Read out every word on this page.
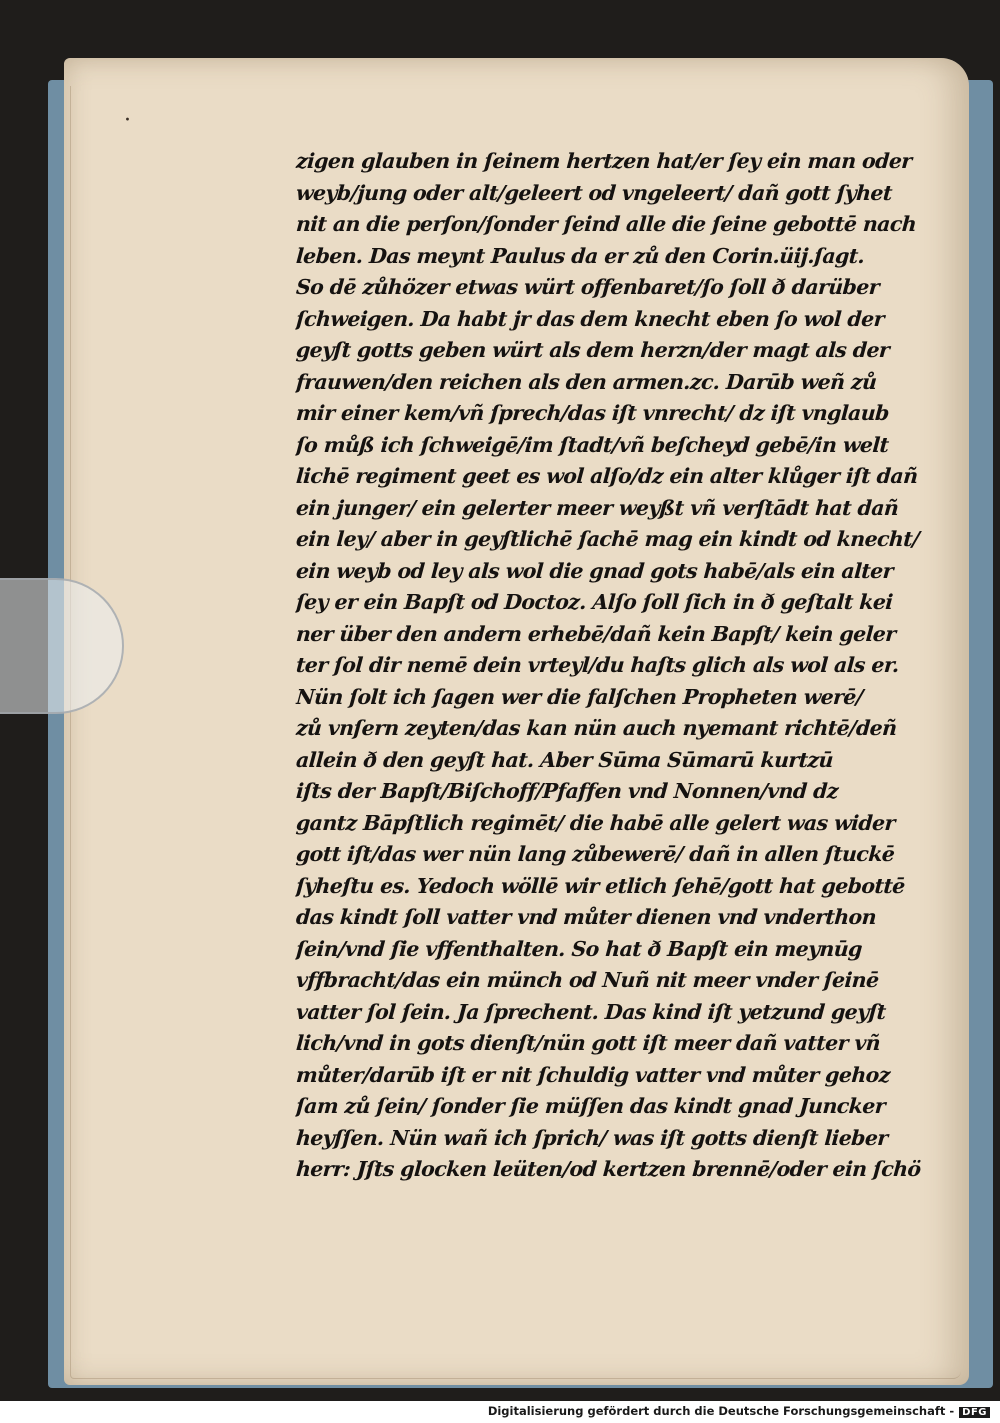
·
zigen glauben in ſeinem hertzen hat/er ſey ein man oder
weyb/jung oder alt/geleert od vngeleert/ dañ gott ſyhet
nit an die perſon/ſonder ſeind alle die ſeine gebottē nach
leben. Das meynt Paulus da er zů den Corin.üij.ſagt.
So dē zůhözer etwas würt offenbaret/ſo ſoll ð darüber
ſchweigen. Da habt jr das dem knecht eben ſo wol der
geyſt gotts geben würt als dem herzn/der magt als der
frauwen/den reichen als den armen.zc. Darūb weñ zů
mir einer kem/vñ ſprech/das iſt vnrecht/ dz iſt vnglaub
ſo můß ich ſchweigē/im ſtadt/vñ beſcheyd gebē/in welt
lichē regiment geet es wol alſo/dz ein alter klůger iſt dañ
ein junger/ ein gelerter meer weyßt vñ verſtādt hat dañ
ein ley/ aber in geyſtlichē ſachē mag ein kindt od knecht/
ein weyb od ley als wol die gnad gots habē/als ein alter
ſey er ein Bapſt od Doctoz. Alſo ſoll ſich in ð geſtalt kei
ner über den andern erhebē/dañ kein Bapſt/ kein geler
ter ſol dir nemē dein vrteyl/du haſts glich als wol als er.
Nün ſolt ich ſagen wer die falſchen Propheten werē/
zů vnſern zeyten/das kan nün auch nyemant richtē/deñ
allein ð den geyſt hat. Aber Sūma Sūmarū kurtzū
iſts der Bapſt/Biſchoff/Pfaffen vnd Nonnen/vnd dz
gantz Bāpſtlich regimēt/ die habē alle gelert was wider
gott iſt/das wer nün lang zůbewerē/ dañ in allen ſtuckē
ſyheſtu es. Yedoch wöllē wir etlich ſehē/gott hat gebottē
das kindt ſoll vatter vnd můter dienen vnd vnderthon
ſein/vnd ſie vffenthalten. So hat ð Bapſt ein meynūg
vffbracht/das ein münch od Nuñ nit meer vnder ſeinē
vatter ſol ſein. Ja ſprechent. Das kind iſt yetzund geyſt
lich/vnd in gots dienſt/nün gott iſt meer dañ vatter vñ
můter/darūb iſt er nit ſchuldig vatter vnd můter gehoz
ſam zů ſein/ ſonder ſie müſſen das kindt gnad Juncker
heyſſen. Nün wañ ich ſprich/ was iſt gotts dienſt lieber
herr: Jſts glocken leüten/od kertzen brennē/oder ein ſchö
Digitalisierung gefördert durch die Deutsche Forschungsgemeinschaft - DFG
